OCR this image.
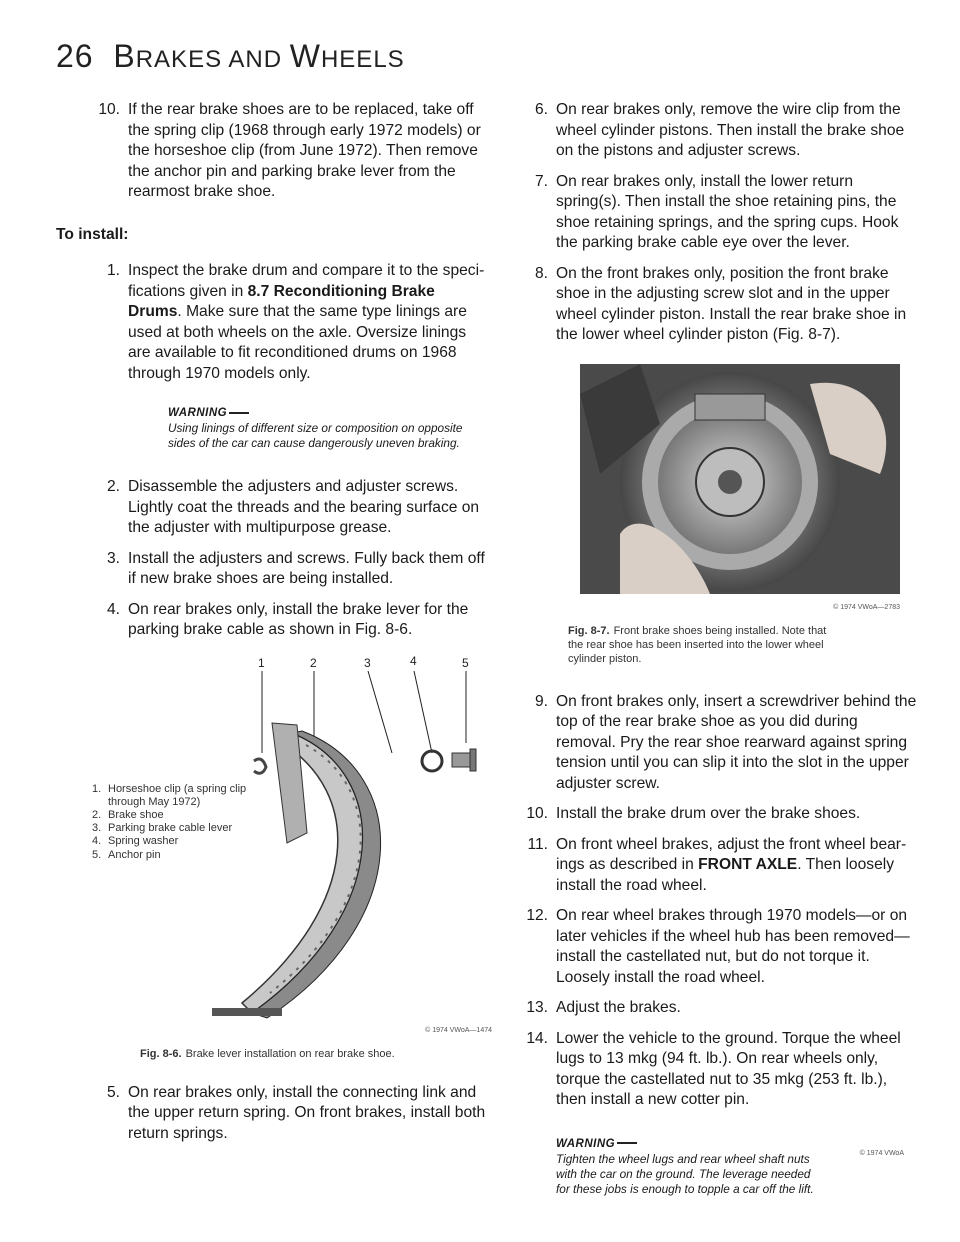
26 BRAKES AND WHEELS
10. If the rear brake shoes are to be replaced, take off the spring clip (1968 through early 1972 models) or the horseshoe clip (from June 1972). Then remove the anchor pin and parking brake lever from the rearmost brake shoe.
To install:
1. Inspect the brake drum and compare it to the specifications given in 8.7 Reconditioning Brake Drums. Make sure that the same type linings are used at both wheels on the axle. Oversize linings are available to fit reconditioned drums on 1968 through 1970 models only.
WARNING
Using linings of different size or composition on opposite sides of the car can cause dangerously uneven braking.
2. Disassemble the adjusters and adjuster screws. Lightly coat the threads and the bearing surface on the adjuster with multipurpose grease.
3. Install the adjusters and screws. Fully back them off if new brake shoes are being installed.
4. On rear brakes only, install the brake lever for the parking brake cable as shown in Fig. 8-6.
1	2	3	4	5
1. Horseshoe clip (a spring clip through May 1972)
2. Brake shoe
3. Parking brake cable lever
4. Spring washer
5. Anchor pin
© 1974 VWoA—1474
Fig. 8-6. Brake lever installation on rear brake shoe.
5. On rear brakes only, install the connecting link and the upper return spring. On front brakes, install both return springs.
6. On rear brakes only, remove the wire clip from the wheel cylinder pistons. Then install the brake shoe on the pistons and adjuster screws.
7. On rear brakes only, install the lower return spring(s). Then install the shoe retaining pins, the shoe retaining springs, and the spring cups. Hook the parking brake cable eye over the lever.
8. On the front brakes only, position the front brake shoe in the adjusting screw slot and in the upper wheel cylinder piston. Install the rear brake shoe in the lower wheel cylinder piston (Fig. 8-7).
© 1974 VWoA—2783
Fig. 8-7. Front brake shoes being installed. Note that the rear shoe has been inserted into the lower wheel cylinder piston.
9. On front brakes only, insert a screwdriver behind the top of the rear brake shoe as you did during removal. Pry the rear shoe rearward against spring tension until you can slip it into the slot in the upper adjuster screw.
10. Install the brake drum over the brake shoes.
11. On front wheel brakes, adjust the front wheel bearings as described in FRONT AXLE. Then loosely install the road wheel.
12. On rear wheel brakes through 1970 models—or on later vehicles if the wheel hub has been removed—install the castellated nut, but do not torque it. Loosely install the road wheel.
13. Adjust the brakes.
14. Lower the vehicle to the ground. Torque the wheel lugs to 13 mkg (94 ft. lb.). On rear wheels only, torque the castellated nut to 35 mkg (253 ft. lb.), then install a new cotter pin.
WARNING
Tighten the wheel lugs and rear wheel shaft nuts with the car on the ground. The leverage needed for these jobs is enough to topple a car off the lift.
© 1974 VWoA
